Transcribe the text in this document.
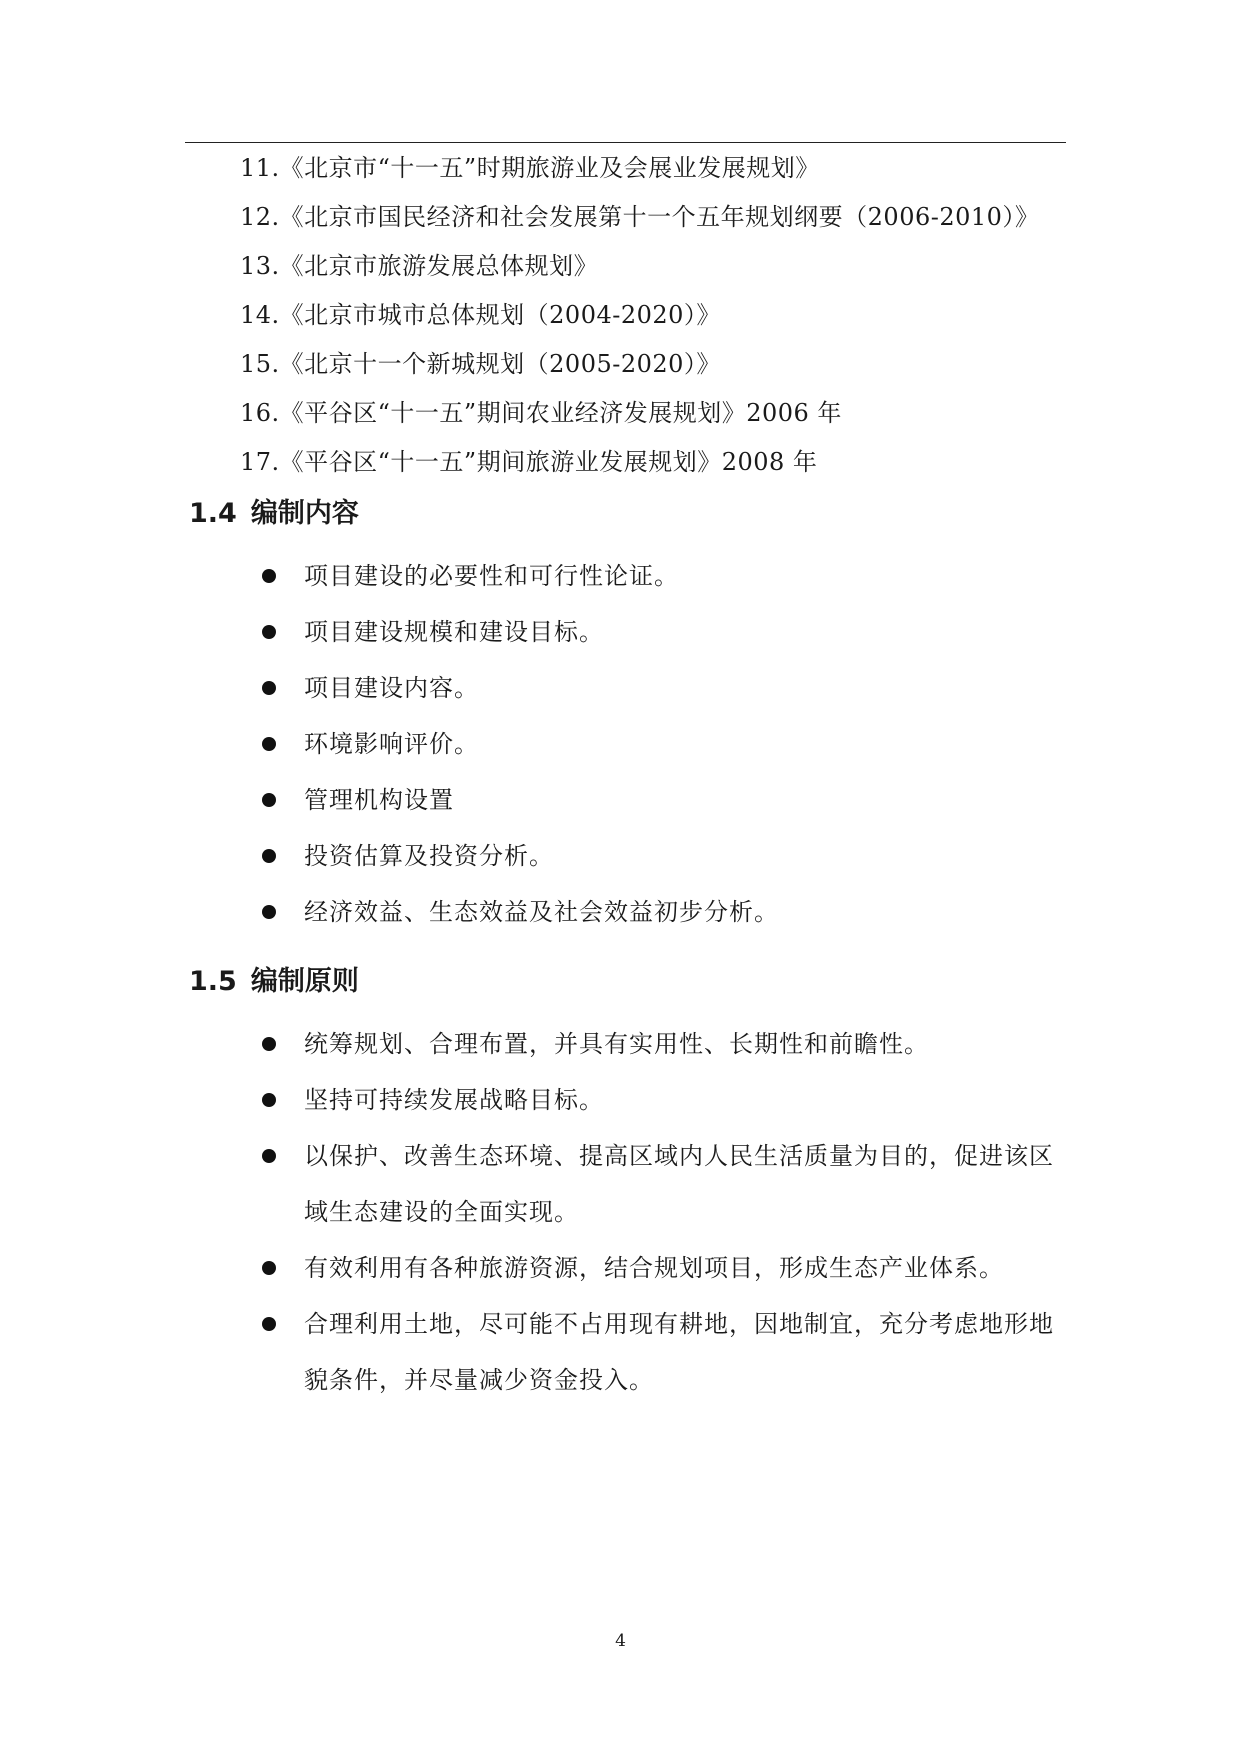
11.《北京市“十一五”时期旅游业及会展业发展规划》
12.《北京市国民经济和社会发展第十一个五年规划纲要（2006-2010）》
13.《北京市旅游发展总体规划》
14.《北京市城市总体规划（2004-2020）》
15.《北京十一个新城规划（2005-2020）》
16.《平谷区“十一五”期间农业经济发展规划》2006 年
17.《平谷区“十一五”期间旅游业发展规划》2008 年
1.4 编制内容
项目建设的必要性和可行性论证。
项目建设规模和建设目标。
项目建设内容。
环境影响评价。
管理机构设置
投资估算及投资分析。
经济效益、生态效益及社会效益初步分析。
1.5 编制原则
统筹规划、合理布置，并具有实用性、长期性和前瞻性。
坚持可持续发展战略目标。
以保护、改善生态环境、提高区域内人民生活质量为目的，促进该区域生态建设的全面实现。
有效利用有各种旅游资源，结合规划项目，形成生态产业体系。
合理利用土地，尽可能不占用现有耕地，因地制宜，充分考虑地形地貌条件，并尽量减少资金投入。
4
